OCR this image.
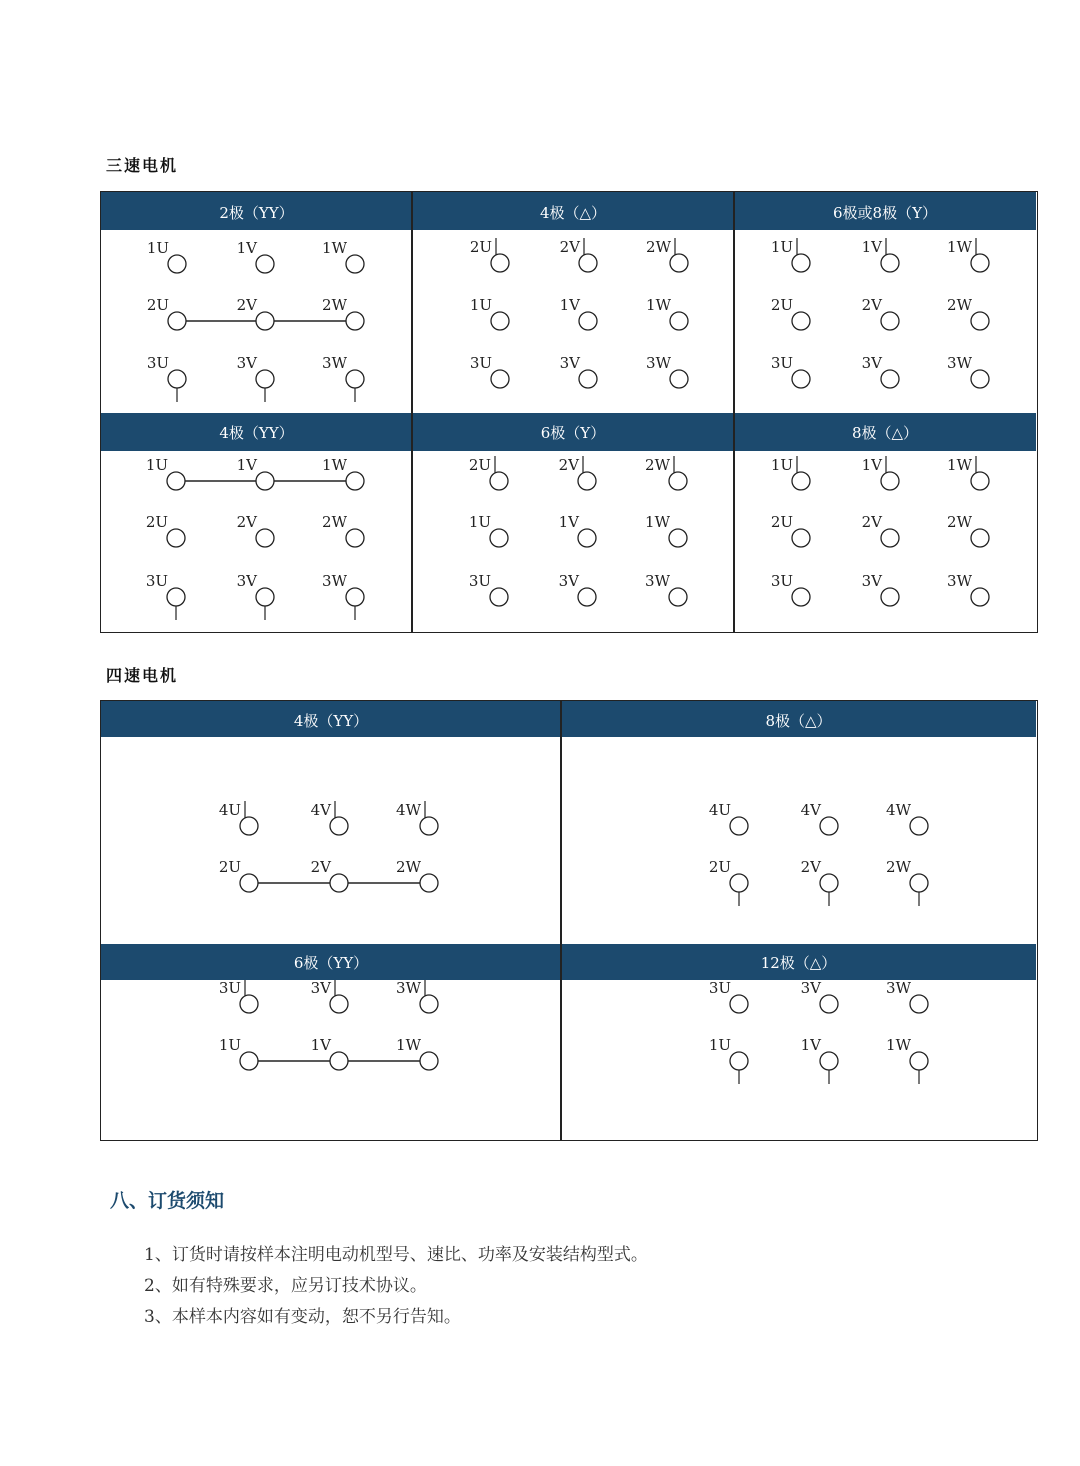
三速电机
2极（YY）
1U	1V	1W
2U	2V	2W
3U	3V	3W
4极（△）
2U	2V	2W
1U	1V	1W
3U	3V	3W
6极或8极（Y）
1U	1V	1W
2U	2V	2W
3U	3V	3W
4极（YY）
1U	1V	1W
2U	2V	2W
3U	3V	3W
6极（Y）
2U	2V	2W
1U	1V	1W
3U	3V	3W
8极（△）
1U	1V	1W
2U	2V	2W
3U	3V	3W
四速电机
4极（YY）
4U	4V	4W
2U	2V	2W
8极（△）
4U	4V	4W
2U	2V	2W
6极（YY）
3U	3V	3W
1U	1V	1W
12极（△）
3U	3V	3W
1U	1V	1W
八、订货须知
1、订货时请按样本注明电动机型号、速比、功率及安装结构型式。
2、如有特殊要求，应另订技术协议。
3、本样本内容如有变动，恕不另行告知。
